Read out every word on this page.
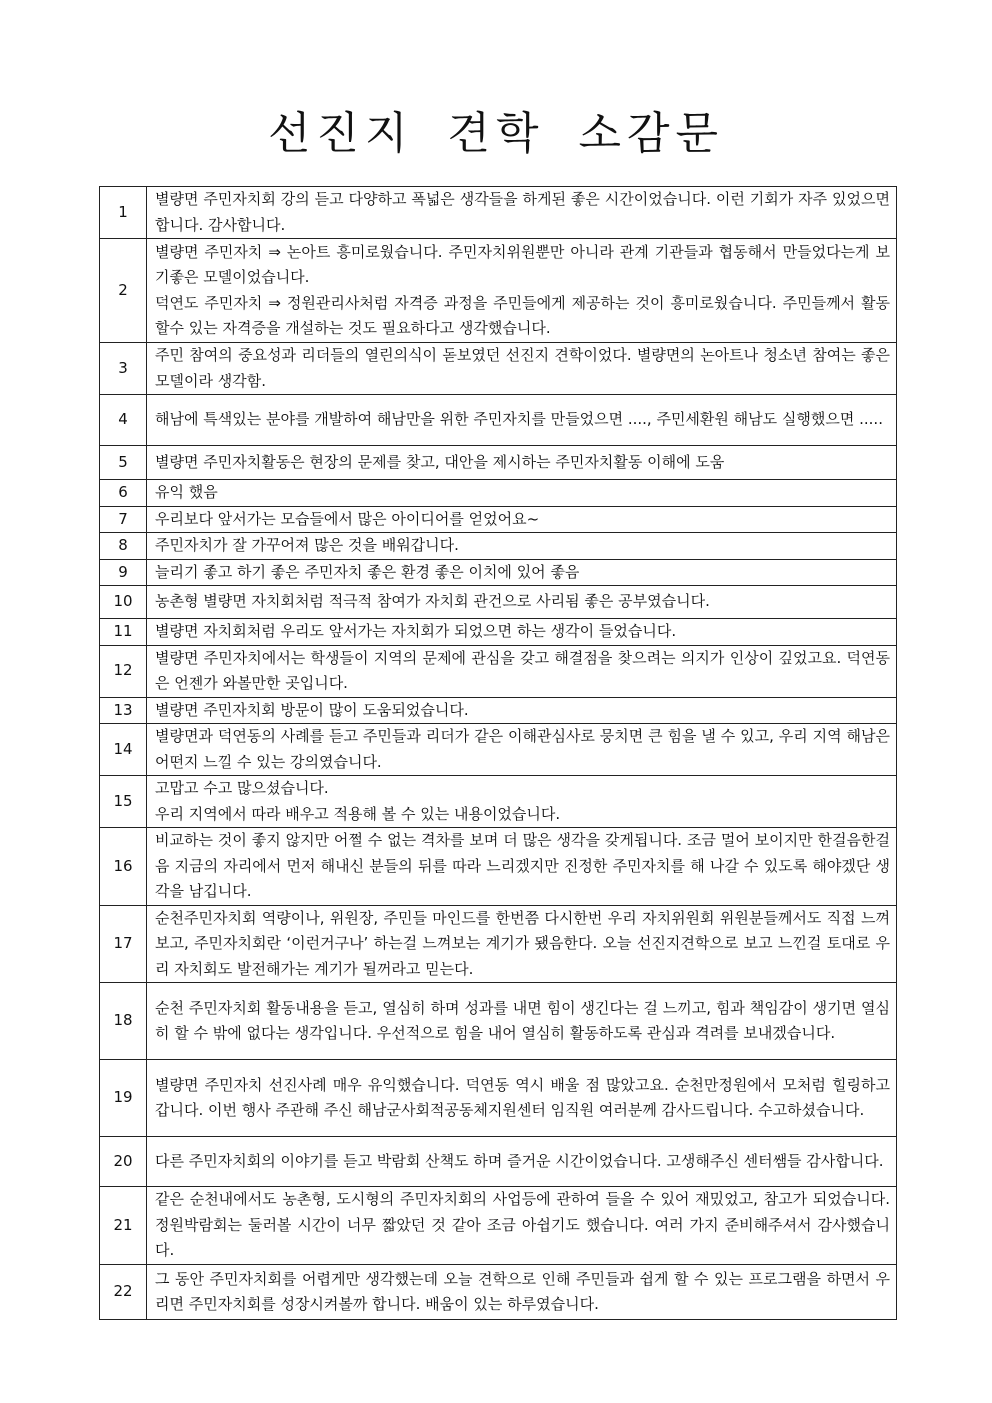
선진지 견학 소감문
1	별량면 주민자치회 강의 듣고 다양하고 폭넓은 생각들을 하게된 좋은 시간이었습니다. 이런 기회가 자주 있었으면 합니다. 감사합니다.

2	별량면 주민자치 ⇒ 논아트 흥미로웠습니다. 주민자치위원뿐만 아니라 관계 기관들과 협동해서 만들었다는게 보기좋은 모델이었습니다.
덕연도 주민자치 ⇒ 정원관리사처럼 자격증 과정을 주민들에게 제공하는 것이 흥미로웠습니다. 주민들께서 활동할수 있는 자격증을 개설하는 것도 필요하다고 생각했습니다.

3	주민 참여의 중요성과 리더들의 열린의식이 돋보였던 선진지 견학이었다. 별량면의 논아트나 청소년 참여는 좋은 모델이라 생각함.

4	해남에 특색있는 분야를 개발하여 해남만을 위한 주민자치를 만들었으면 ...., 주민세환원 해남도 실행했으면 .....

5	별량면 주민자치활동은 현장의 문제를 찾고, 대안을 제시하는 주민자치활동 이해에 도움

6	유익 했음

7	우리보다 앞서가는 모습들에서 많은 아이디어를 얻었어요~

8	주민자치가 잘 가꾸어져 많은 것을 배워갑니다.

9	늘리기 좋고 하기 좋은 주민자치 좋은 환경 좋은 이치에 있어 좋음

10	농촌형 별량면 자치회처럼 적극적 참여가 자치회 관건으로 사리됨 좋은 공부였습니다.

11	별량면 자치회처럼 우리도 앞서가는 자치회가 되었으면 하는 생각이 들었습니다.

12	별량면 주민자치에서는 학생들이 지역의 문제에 관심을 갖고 해결점을 찾으려는 의지가 인상이 깊었고요. 덕연동은 언젠가 와볼만한 곳입니다.

13	별량면 주민자치회 방문이 많이 도움되었습니다.

14	별량면과 덕연동의 사례를 듣고 주민들과 리더가 같은 이해관심사로 뭉치면 큰 힘을 낼 수 있고, 우리 지역 해남은 어떤지 느낄 수 있는 강의였습니다.

15	고맙고 수고 많으셨습니다.
우리 지역에서 따라 배우고 적용해 볼 수 있는 내용이었습니다.

16	비교하는 것이 좋지 않지만 어쩔 수 없는 격차를 보며 더 많은 생각을 갖게됩니다. 조금 멀어 보이지만 한걸음한걸음 지금의 자리에서 먼저 해내신 분들의 뒤를 따라 느리겠지만 진정한 주민자치를 해 나갈 수 있도록 해야겠단 생각을 남깁니다.

17	순천주민자치회 역량이나, 위원장, 주민들 마인드를 한번쯤 다시한번 우리 자치위원회 위원분들께서도 직접 느껴보고, 주민자치회란 ‘이런거구나’ 하는걸 느껴보는 계기가 됐음한다. 오늘 선진지견학으로 보고 느낀걸 토대로 우리 자치회도 발전해가는 계기가 될꺼라고 믿는다.

18	순천 주민자치회 활동내용을 듣고, 열심히 하며 성과를 내면 힘이 생긴다는 걸 느끼고, 힘과 책임감이 생기면 열심히 할 수 밖에 없다는 생각입니다. 우선적으로 힘을 내어 열심히 활동하도록 관심과 격려를 보내겠습니다.

19	별량면 주민자치 선진사례 매우 유익했습니다. 덕연동 역시 배울 점 많았고요. 순천만정원에서 모처럼 힐링하고 갑니다. 이번 행사 주관해 주신 해남군사회적공동체지원센터 임직원 여러분께 감사드립니다. 수고하셨습니다.

20	다른 주민자치회의 이야기를 듣고 박람회 산책도 하며 즐거운 시간이었습니다. 고생해주신 센터쌤들 감사합니다.

21	같은 순천내에서도 농촌형, 도시형의 주민자치회의 사업등에 관하여 들을 수 있어 재밌었고, 참고가 되었습니다. 정원박람회는 둘러볼 시간이 너무 짧았던 것 같아 조금 아쉽기도 했습니다. 여러 가지 준비해주셔서 감사했습니다.

22	그 동안 주민자치회를 어렵게만 생각했는데 오늘 견학으로 인해 주민들과 쉽게 할 수 있는 프로그램을 하면서 우리면 주민자치회를 성장시켜볼까 합니다. 배움이 있는 하루였습니다.
